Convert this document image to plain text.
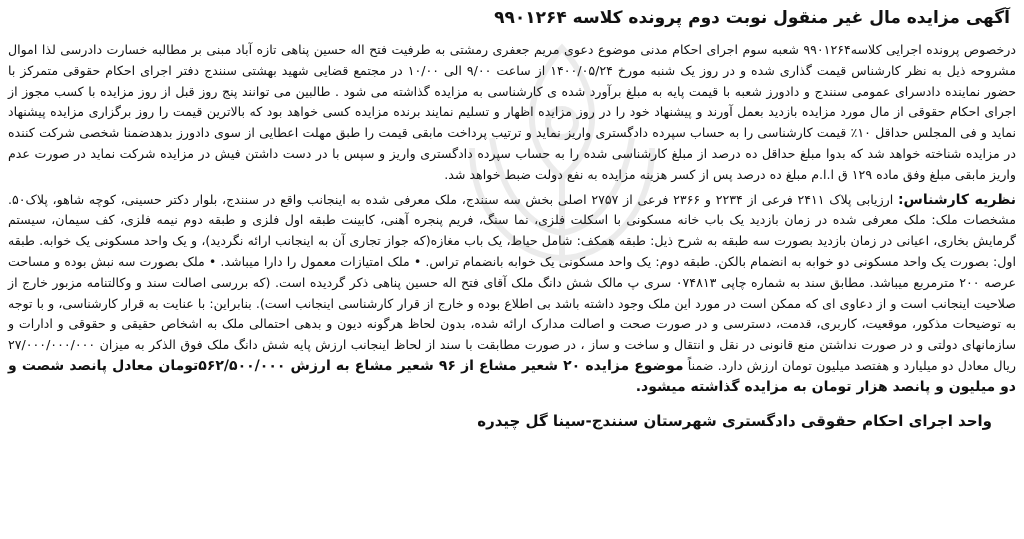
آگهی مزایده مال غیر منقول نوبت دوم پرونده کلاسه ۹۹۰۱۲۶۴

درخصوص پرونده اجرایی کلاسه۹۹۰۱۲۶۴ شعبه سوم اجرای احکام مدنی موضوع دعوی مریم جعفری رمشتی به طرفیت فتح اله حسین پناهی تازه آباد مبنی بر مطالبه خسارت دادرسی لذا اموال مشروحه ذیل به نظر کارشناس قیمت گذاری شده و در روز یک شنبه مورخ ۱۴۰۰/۰۵/۲۴ از ساعت ۹/۰۰ الی ۱۰/۰۰ در مجتمع قضایی شهید بهشتی سنندج دفتر اجرای احکام حقوقی متمرکز با حضور نماینده دادسرای عمومی سنندج و دادورز شعبه با قیمت پایه به مبلغ برآورد شده ی کارشناسی به مزایده گذاشته می شود . طالبین می توانند پنج روز قبل از روز مزایده با کسب مجوز از اجرای احکام حقوقی از مال مورد مزایده بازدید بعمل آورند و پیشنهاد خود را در روز مزایده اظهار و تسلیم نمایند برنده مزایده کسی خواهد بود که بالاترین قیمت را روز برگزاری مزایده پیشنهاد نماید و فی المجلس حداقل ۱۰٪ قیمت کارشناسی را به حساب سپرده دادگستری واریز نماید و ترتیب پرداخت مابقی قیمت را طبق مهلت اعطایی از سوی دادورز بدهدضمنا شخصی شرکت کننده در مزایده شناخته خواهد شد که بدوا مبلغ حداقل ده درصد از مبلغ کارشناسی شده را به حساب سپرده دادگستری واریز و سپس با در دست داشتن فیش در مزایده شرکت نماید در صورت عدم واریز مابقی مبلغ وفق ماده ۱۲۹ ق ا.ا.م مبلغ ده درصد پس از کسر هزینه مزایده به نفع دولت ضبط خواهد شد.

نظریه کارشناس: ارزیابی پلاک ۲۴۱۱ فرعی از ۲۲۳۴ و ۲۳۶۶ فرعی از ۲۷۵۷ اصلی بخش سه سنندج، ملک معرفی شده به اینجانب واقع در سنندج، بلوار دکتر حسینی، کوچه شاهو، پلاک۵۰. مشخصات ملک: ملک معرفی شده در زمان بازدید یک باب خانه مسکونی با اسکلت فلزی، نما سنگ، فریم پنجره آهنی، کابینت طبقه اول فلزی و طبقه دوم نیمه فلزی، کف سیمان، سیستم گرمایش بخاری، اعیانی در زمان بازدید بصورت سه طبقه به شرح ذیل: طبقه همکف: شامل حیاط، یک باب مغازه(که جواز تجاری آن به اینجانب ارائه نگردید)، و یک واحد مسکونی یک خوابه. طبقه اول: بصورت یک واحد مسکونی دو خوابه به انضمام بالکن. طبقه دوم: یک واحد مسکونی یک خوابه بانضمام تراس. • ملک امتیازات معمول را دارا میباشد. • ملک بصورت سه نبش بوده و مساحت عرصه ۲۰۰ مترمربع میباشد. مطابق سند به شماره چاپی ۰۷۴۸۱۳ سری پ مالک شش دانگ ملک آقای فتح اله حسین پناهی ذکر گردیده است. (که بررسی اصالت سند و وکالتنامه مزبور خارج از صلاحیت اینجانب است و از دعاوی ای که ممکن است در مورد این ملک وجود داشته باشد بی اطلاع بوده و خارج از قرار کارشناسی اینجانب است). بنابراین: با عنایت به قرار کارشناسی، و با توجه به توضیحات مذکور، موقعیت، کاربری، قدمت، دسترسی و در صورت صحت و اصالت مدارک ارائه شده، بدون لحاظ هرگونه دیون و بدهی احتمالی ملک به اشخاص حقیقی و حقوقی و ادارات و سازمانهای دولتی و در صورت نداشتن منع قانونی در نقل و انتقال و ساخت و ساز ، در صورت مطابقت با سند از لحاظ اینجانب ارزش پایه شش دانگ ملک فوق الذکر به میزان ۲۷/۰۰۰/۰۰۰/۰۰۰ ریال معادل دو میلیارد و هفتصد میلیون تومان ارزش دارد. ضمناً موضوع مزایده ۲۰ شعیر مشاع از ۹۶ شعیر مشاع به ارزش ۵۶۲/۵۰۰/۰۰۰تومان معادل پانصد شصت و دو میلیون و پانصد هزار تومان به مزایده گذاشته میشود.

واحد اجرای احکام حقوقی دادگستری شهرستان سنندج-سینا گل چیدره
